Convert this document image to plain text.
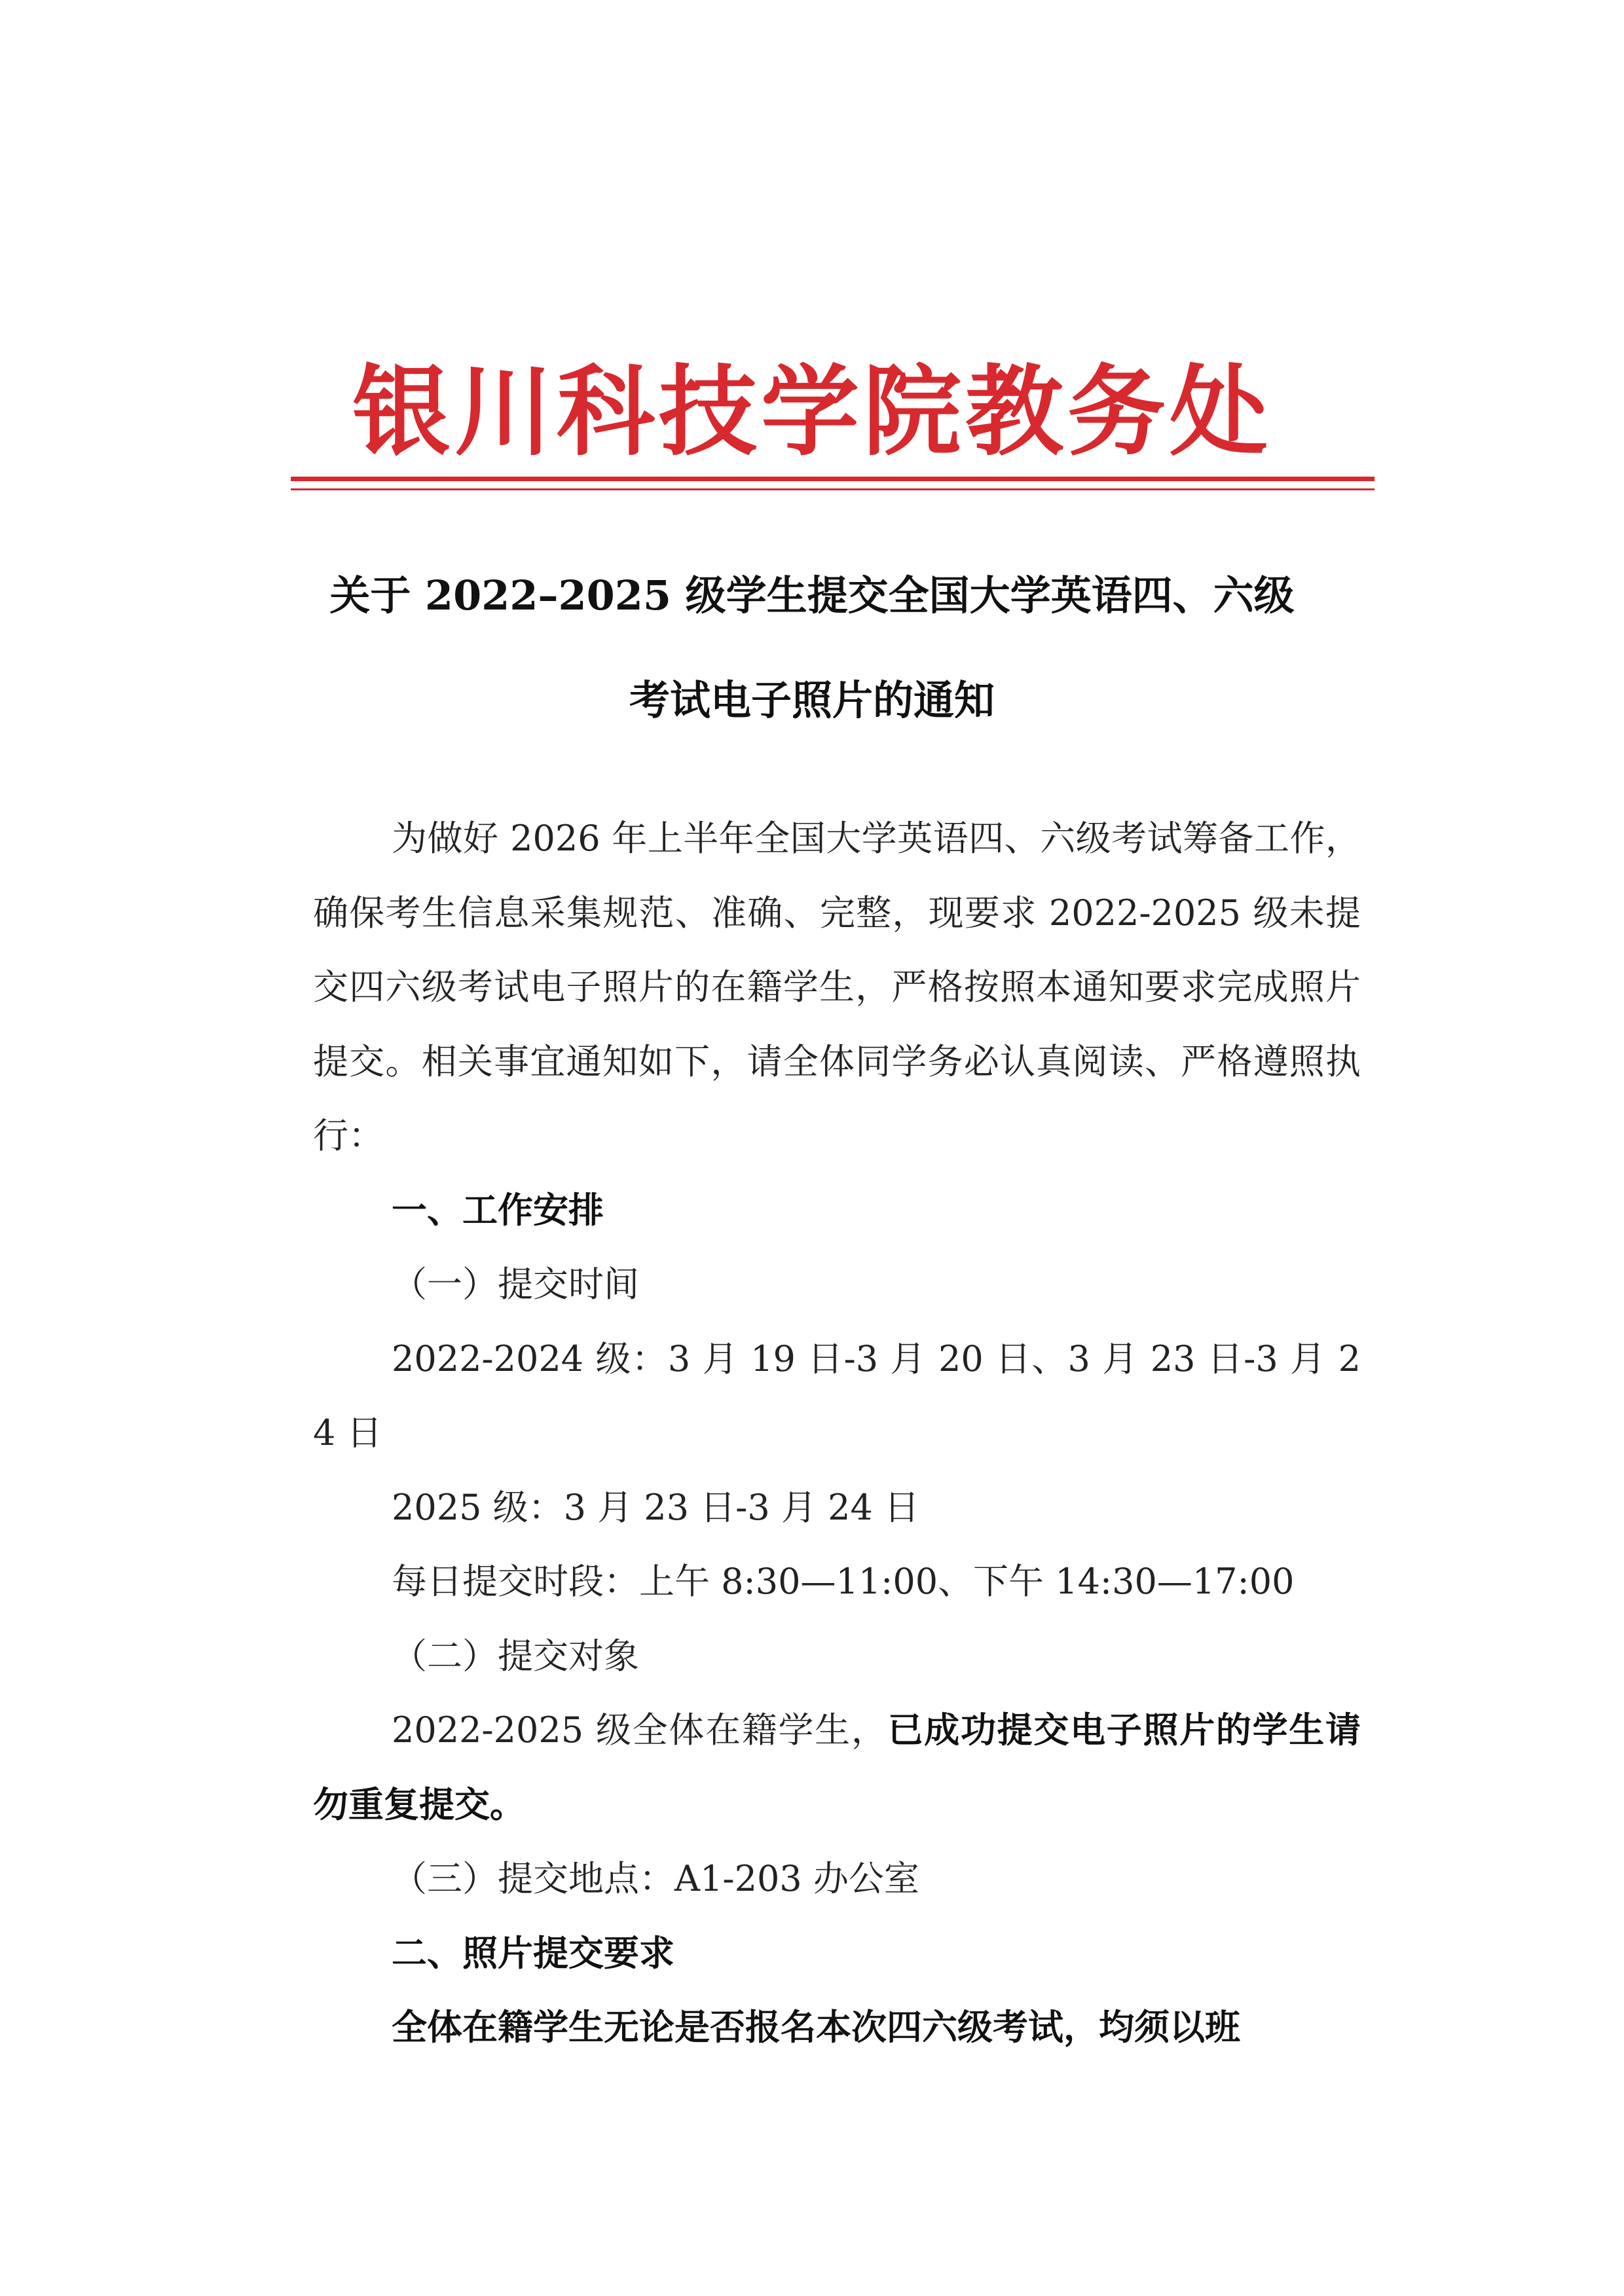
银川科技学院教务处
关于 2022–2025 级学生提交全国大学英语四、六级
考试电子照片的通知

为做好 2026 年上半年全国大学英语四、六级考试筹备工作，确保考生信息采集规范、准确、完整，现要求 2022-2025 级未提交四六级考试电子照片的在籍学生，严格按照本通知要求完成照片提交。相关事宜通知如下，请全体同学务必认真阅读、严格遵照执行：

一、工作安排

（一）提交时间

2022-2024 级：3 月 19 日-3 月 20 日、3 月 23 日-3 月 24 日

2025 级：3 月 23 日-3 月 24 日

每日提交时段：上午 8:30—11:00、下午 14:30—17:00

（二）提交对象

2022-2025 级全体在籍学生，已成功提交电子照片的学生请勿重复提交。

（三）提交地点：A1-203 办公室

二、照片提交要求

全体在籍学生无论是否报名本次四六级考试，均须以班
